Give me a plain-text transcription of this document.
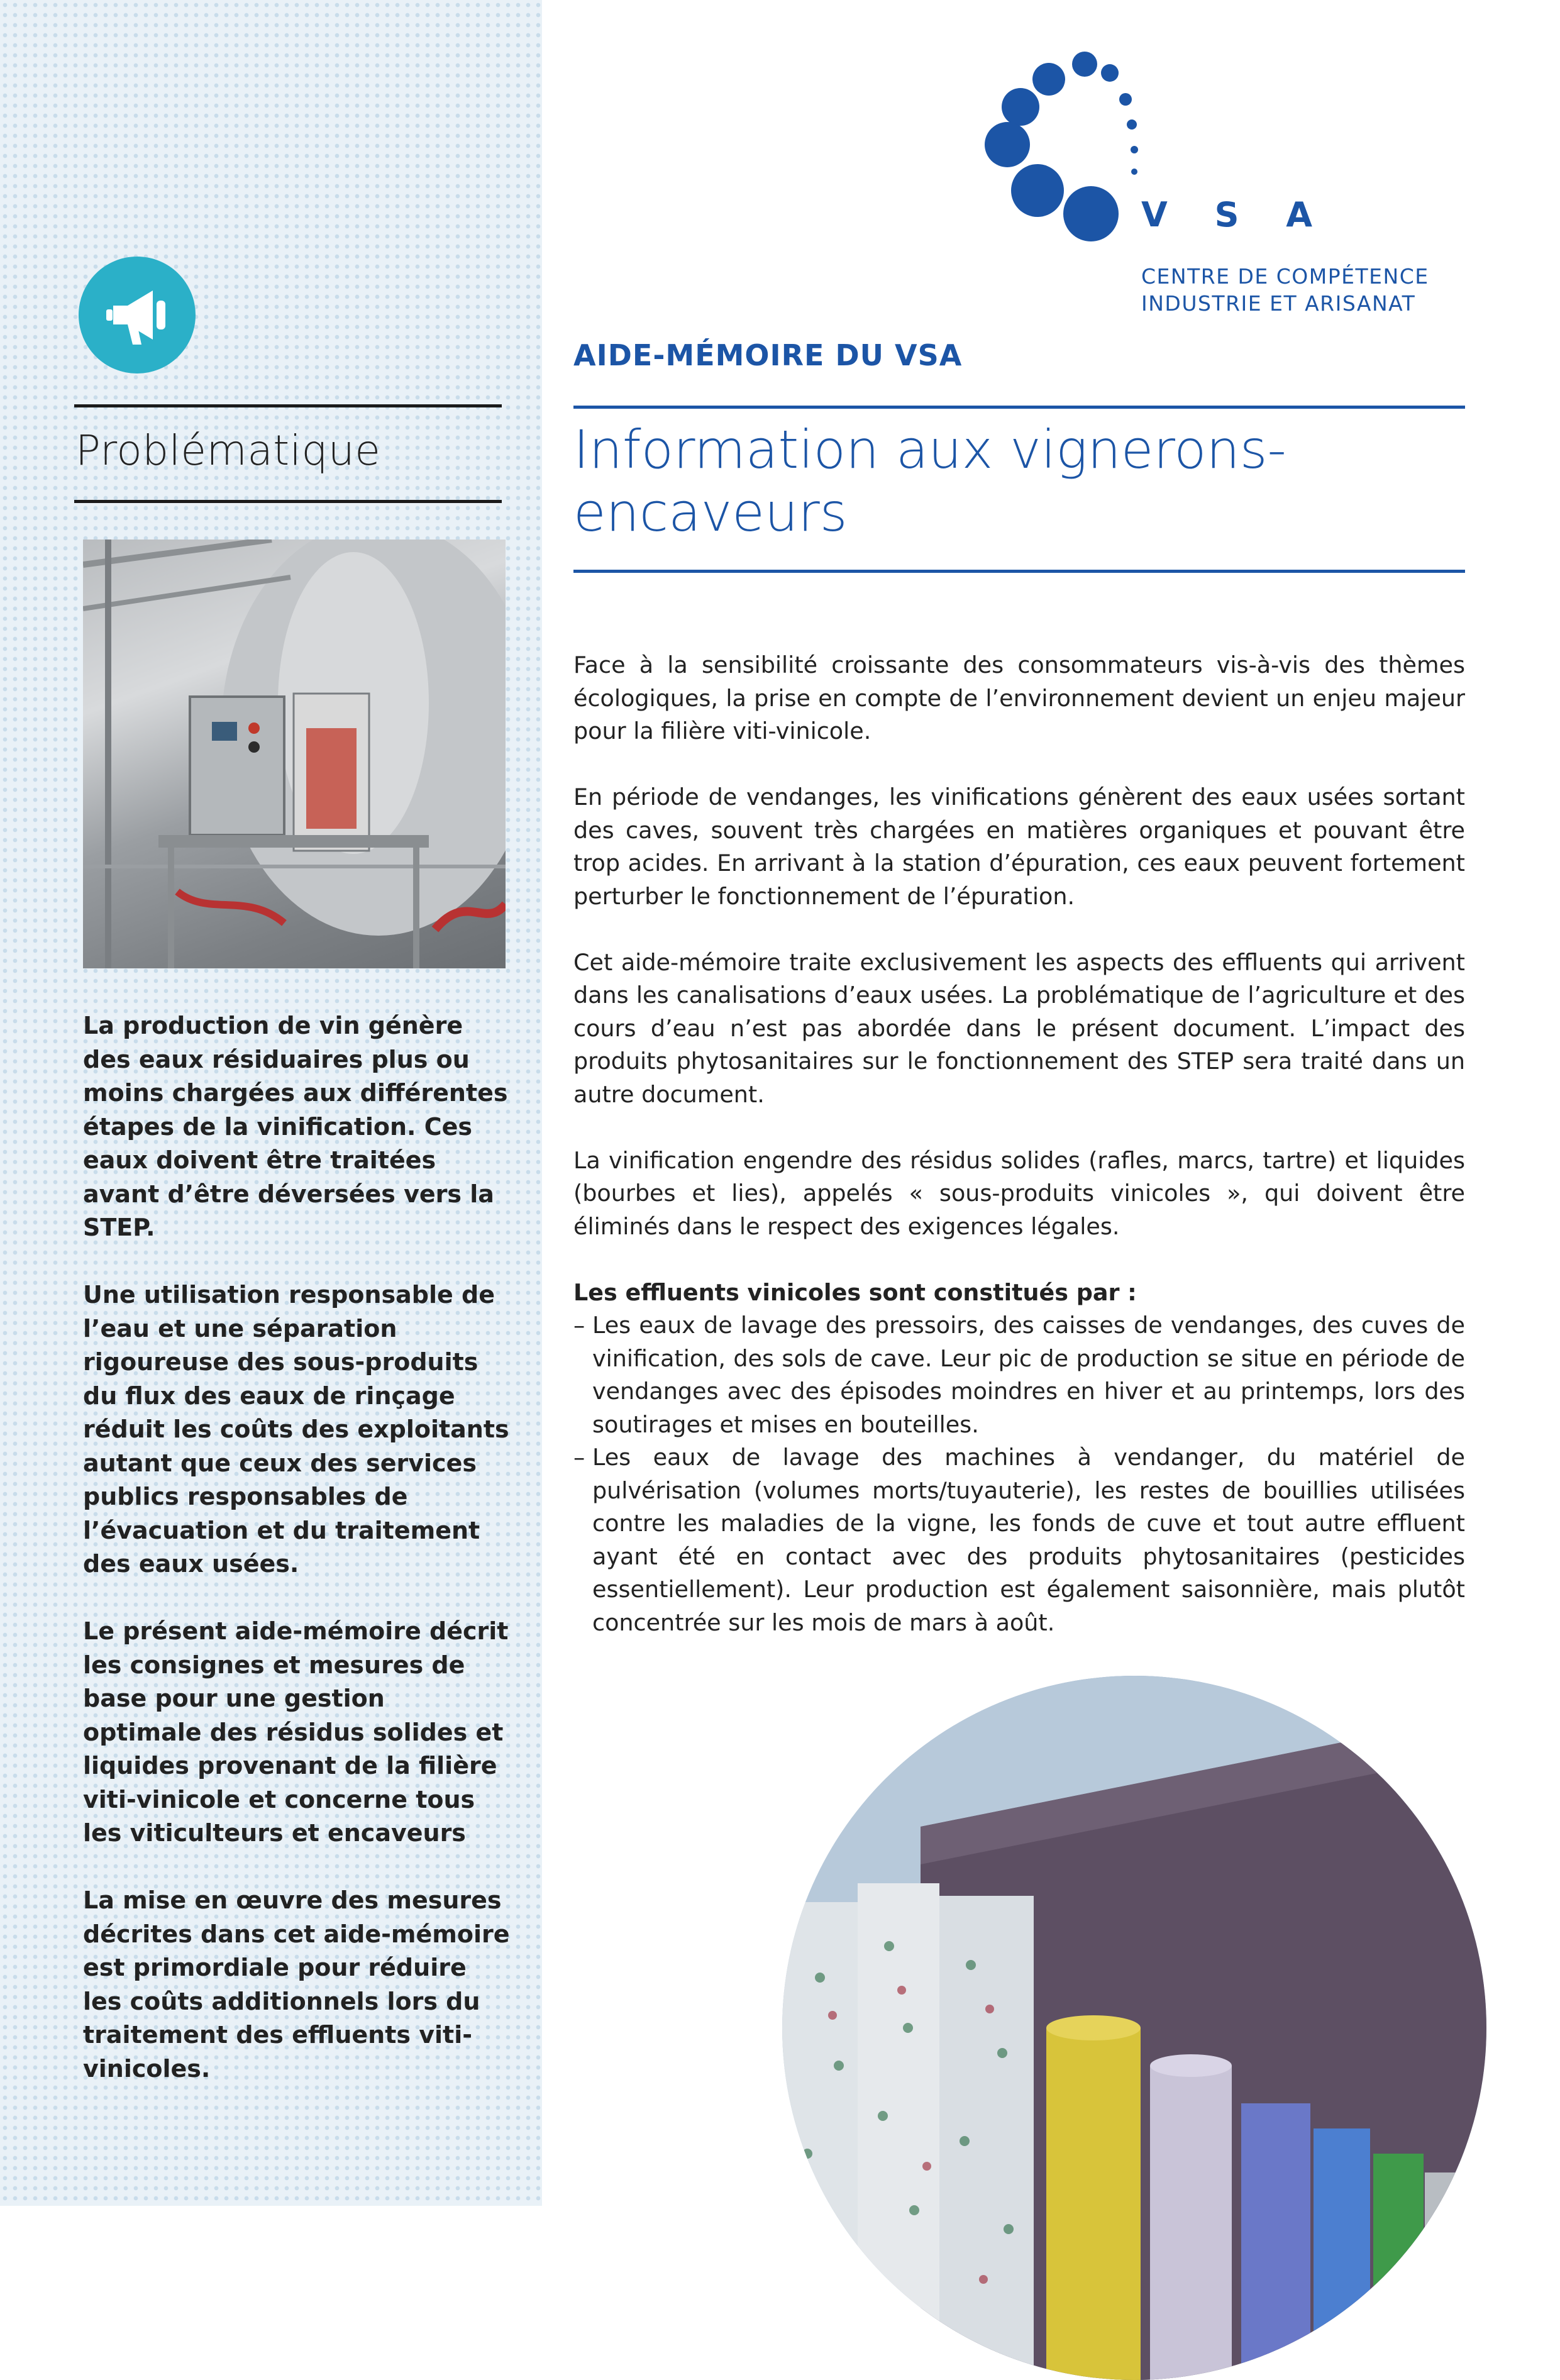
Problématique

La production de vin génère des eaux résiduaires plus ou moins chargées aux différentes étapes de la vinification. Ces eaux doivent être traitées avant d’être déversées vers la STEP.

Une utilisation responsable de l’eau et une séparation rigoureuse des sous-produits du flux des eaux de rinçage réduit les coûts des exploitants autant que ceux des services publics responsables de l’évacuation et du traitement des eaux usées.

Le présent aide-mémoire décrit les consignes et mesures de base pour une gestion optimale des résidus solides et liquides provenant de la filière viti-vinicole et concerne tous les viticulteurs et encaveurs

La mise en œuvre des mesures décrites dans cet aide-mémoire est primordiale pour réduire les coûts additionnels lors du traitement des effluents viti-vinicoles.

V S A
CENTRE DE COMPÉTENCE
INDUSTRIE ET ARISANAT
AIDE-MÉMOIRE DU VSA
Information aux vignerons-encaveurs

Face à la sensibilité croissante des consommateurs vis-à-vis des thèmes écologiques, la prise en compte de l’environnement devient un enjeu majeur pour la filière viti-vinicole.

En période de vendanges, les vinifications génèrent des eaux usées sortant des caves, souvent très chargées en matières organiques et pouvant être trop acides. En arrivant à la station d’épuration, ces eaux peuvent fortement perturber le fonctionnement de l’épuration.

Cet aide-mémoire traite exclusivement les aspects des effluents qui arrivent dans les canalisations d’eaux usées. La problématique de l’agriculture et des cours d’eau n’est pas abordée dans le présent document. L’impact des produits phytosanitaires sur le fonctionnement des STEP sera traité dans un autre document.

La vinification engendre des résidus solides (rafles, marcs, tartre) et liquides (bourbes et lies), appelés « sous-produits vinicoles », qui doivent être éliminés dans le respect des exigences légales.

Les effluents vinicoles sont constitués par :
– Les eaux de lavage des pressoirs, des caisses de vendanges, des cuves de vinification, des sols de cave. Leur pic de production se situe en période de vendanges avec des épisodes moindres en hiver et au printemps, lors des soutirages et mises en bouteilles.
– Les eaux de lavage des machines à vendanger, du matériel de pulvérisation (volumes morts/tuyauterie), les restes de bouillies utilisées contre les maladies de la vigne, les fonds de cuve et tout autre effluent ayant été en contact avec des produits phytosanitaires (pesticides essentiellement). Leur production est également saisonnière, mais plutôt concentrée sur les mois de mars à août.
